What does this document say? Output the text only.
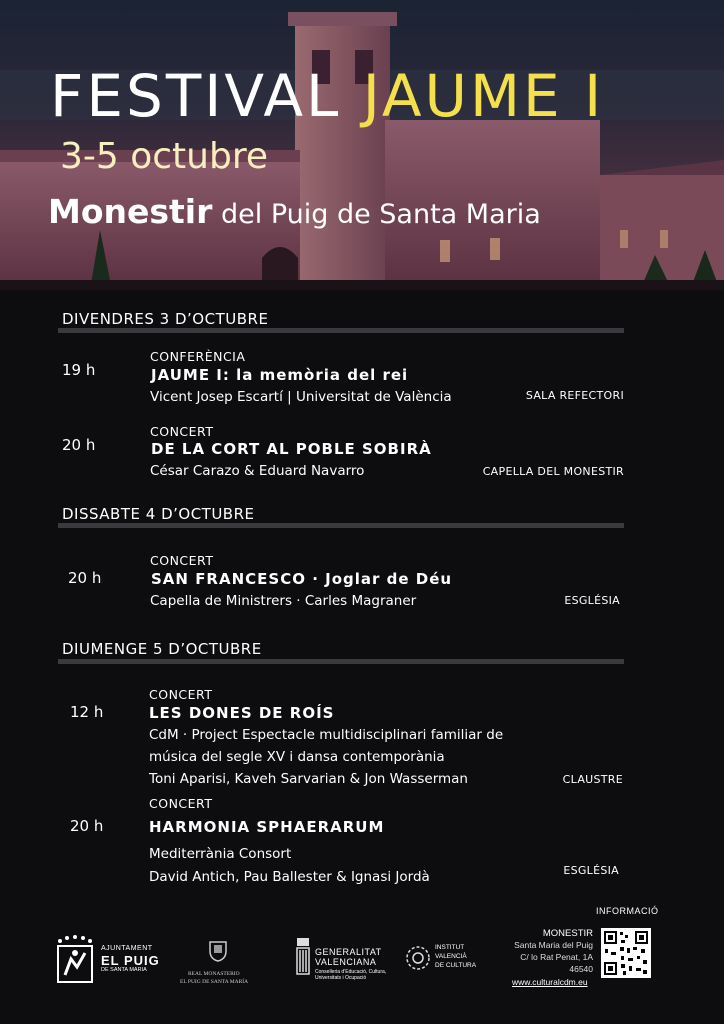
FESTIVAL JAUME I
3-5 octubre
Monestir del Puig de Santa Maria
DIVENDRES 3 D’OCTUBRE
19 h
CONFERÈNCIA
JAUME I: la memòria del rei
Vicent Josep Escartí | Universitat de València	SALA REFECTORI
20 h
CONCERT
DE LA CORT AL POBLE SOBIRÀ
César Carazo & Eduard Navarro	CAPELLA DEL MONESTIR
DISSABTE 4 D’OCTUBRE
20 h
CONCERT
SAN FRANCESCO · Joglar de Déu
Capella de Ministrers · Carles Magraner	ESGLÉSIA
DIUMENGE 5 D’OCTUBRE
12 h
CONCERT
LES DONES DE ROÍS
CdM · Project Espectacle multidisciplinari familiar de
música del segle XV i dansa contemporània
Toni Aparisi, Kaveh Sarvarian & Jon Wasserman	CLAUSTRE
20 h
CONCERT
HARMONIA SPHAERARUM
Mediterrània Consort
David Antich, Pau Ballester & Ignasi Jordà	ESGLÉSIA
AJUNTAMENT
EL PUIG
DE SANTA MARIA
REAL MONASTERIO
EL PUIG DE SANTA MARÍA
GENERALITAT
VALENCIANA
Conselleria d’Educació, Cultura,
Universitats i Ocupació
INSTITUT
VALENCIÀ
DE CULTURA
INFORMACIÓ
MONESTIR
Santa Maria del Puig
C/ lo Rat Penat, 1A
46540
www.culturalcdm.eu
